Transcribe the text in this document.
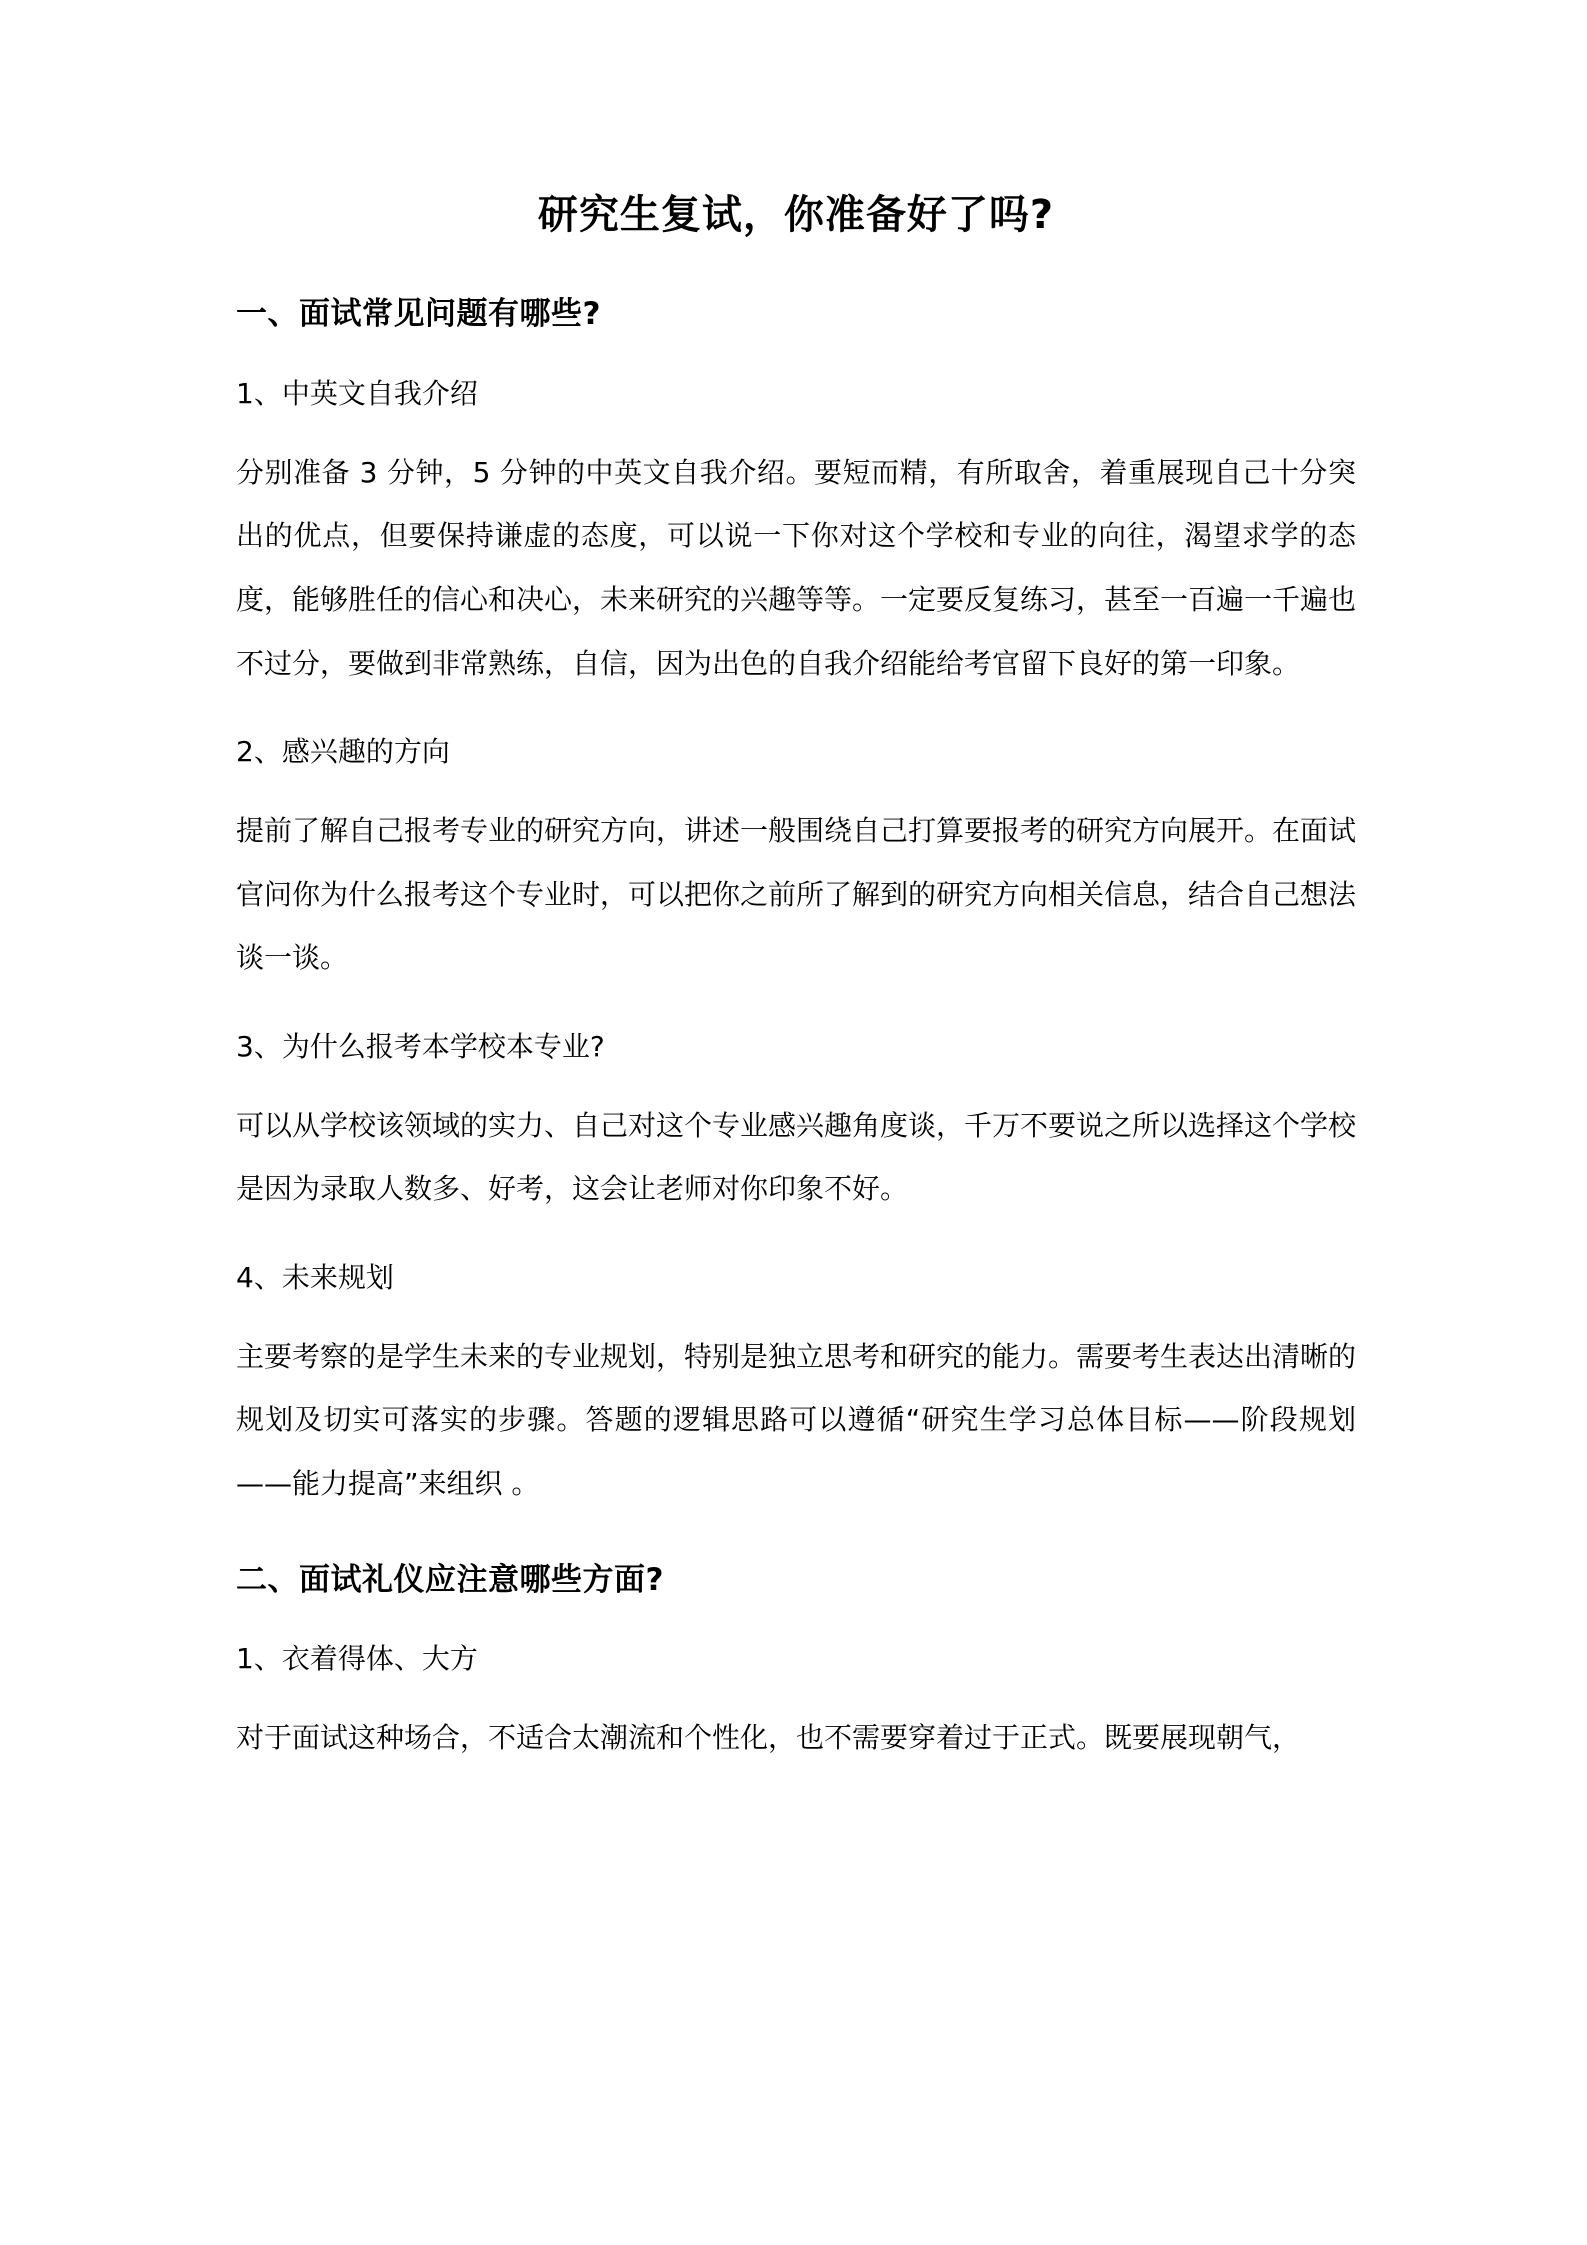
研究生复试，你准备好了吗?
一、面试常见问题有哪些?

1、中英文自我介绍

分别准备 3 分钟，5 分钟的中英文自我介绍。要短而精，有所取舍，着重展现自己十分突出的优点，但要保持谦虚的态度，可以说一下你对这个学校和专业的向往，渴望求学的态度，能够胜任的信心和决心，未来研究的兴趣等等。一定要反复练习，甚至一百遍一千遍也不过分，要做到非常熟练，自信，因为出色的自我介绍能给考官留下良好的第一印象。

2、感兴趣的方向

提前了解自己报考专业的研究方向，讲述一般围绕自己打算要报考的研究方向展开。在面试官问你为什么报考这个专业时，可以把你之前所了解到的研究方向相关信息，结合自己想法谈一谈。

3、为什么报考本学校本专业?

可以从学校该领域的实力、自己对这个专业感兴趣角度谈，千万不要说之所以选择这个学校是因为录取人数多、好考，这会让老师对你印象不好。

4、未来规划

主要考察的是学生未来的专业规划，特别是独立思考和研究的能力。需要考生表达出清晰的规划及切实可落实的步骤。答题的逻辑思路可以遵循“研究生学习总体目标——阶段规划——能力提高”来组织 。

二、面试礼仪应注意哪些方面?

1、衣着得体、大方

对于面试这种场合，不适合太潮流和个性化，也不需要穿着过于正式。既要展现朝气，
